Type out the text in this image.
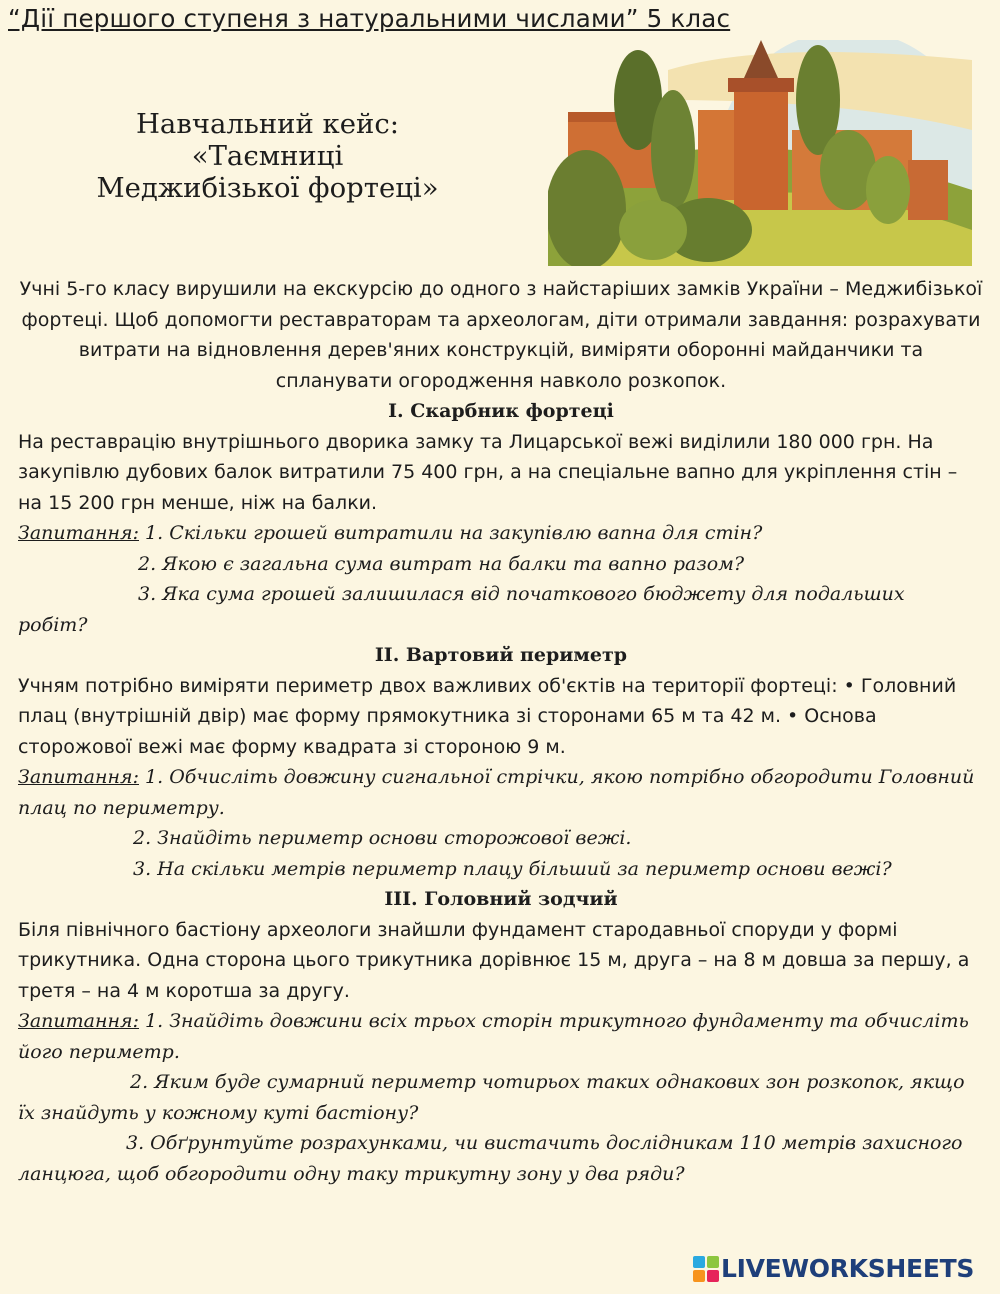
“Дії першого ступеня з натуральними числами” 5 клас
Навчальний кейс:
«Таємниці
Меджибізької фортеці»

Учні 5-го класу вирушили на екскурсію до одного з найстаріших замків України – Меджибізької фортеці. Щоб допомогти реставраторам та археологам, діти отримали завдання: розрахувати витрати на відновлення дерев'яних конструкцій, виміряти оборонні майданчики та спланувати огородження навколо розкопок.

І. Скарбник фортеці

На реставрацію внутрішнього дворика замку та Лицарської вежі виділили 180 000 грн. На закупівлю дубових балок витратили 75 400 грн, а на спеціальне вапно для укріплення стін – на 15 200 грн менше, ніж на балки.

Запитання: 1. Скільки грошей витратили на закупівлю вапна для стін?

2. Якою є загальна сума витрат на балки та вапно разом?

3. Яка сума грошей залишилася від початкового бюджету для подальших

робіт?

ІІ. Вартовий периметр

Учням потрібно виміряти периметр двох важливих об'єктів на території фортеці: • Головний плац (внутрішній двір) має форму прямокутника зі сторонами 65 м та 42 м. • Основа сторожової вежі має форму квадрата зі стороною 9 м.

Запитання: 1. Обчисліть довжину сигнальної стрічки, якою потрібно обгородити Головний плац по периметру.

2. Знайдіть периметр основи сторожової вежі.

3. На скільки метрів периметр плацу більший за периметр основи вежі?

ІІІ. Головний зодчий

Біля північного бастіону археологи знайшли фундамент стародавньої споруди у формі трикутника. Одна сторона цього трикутника дорівнює 15 м, друга – на 8 м довша за першу, а третя – на 4 м коротша за другу.

Запитання: 1. Знайдіть довжини всіх трьох сторін трикутного фундаменту та обчисліть його периметр.

2. Яким буде сумарний периметр чотирьох таких однакових зон розкопок, якщо

їх знайдуть у кожному куті бастіону?

3. Обґрунтуйте розрахунками, чи вистачить дослідникам 110 метрів захисного

ланцюга, щоб обгородити одну таку трикутну зону у два ряди?

LIVEWORKSHEETS
